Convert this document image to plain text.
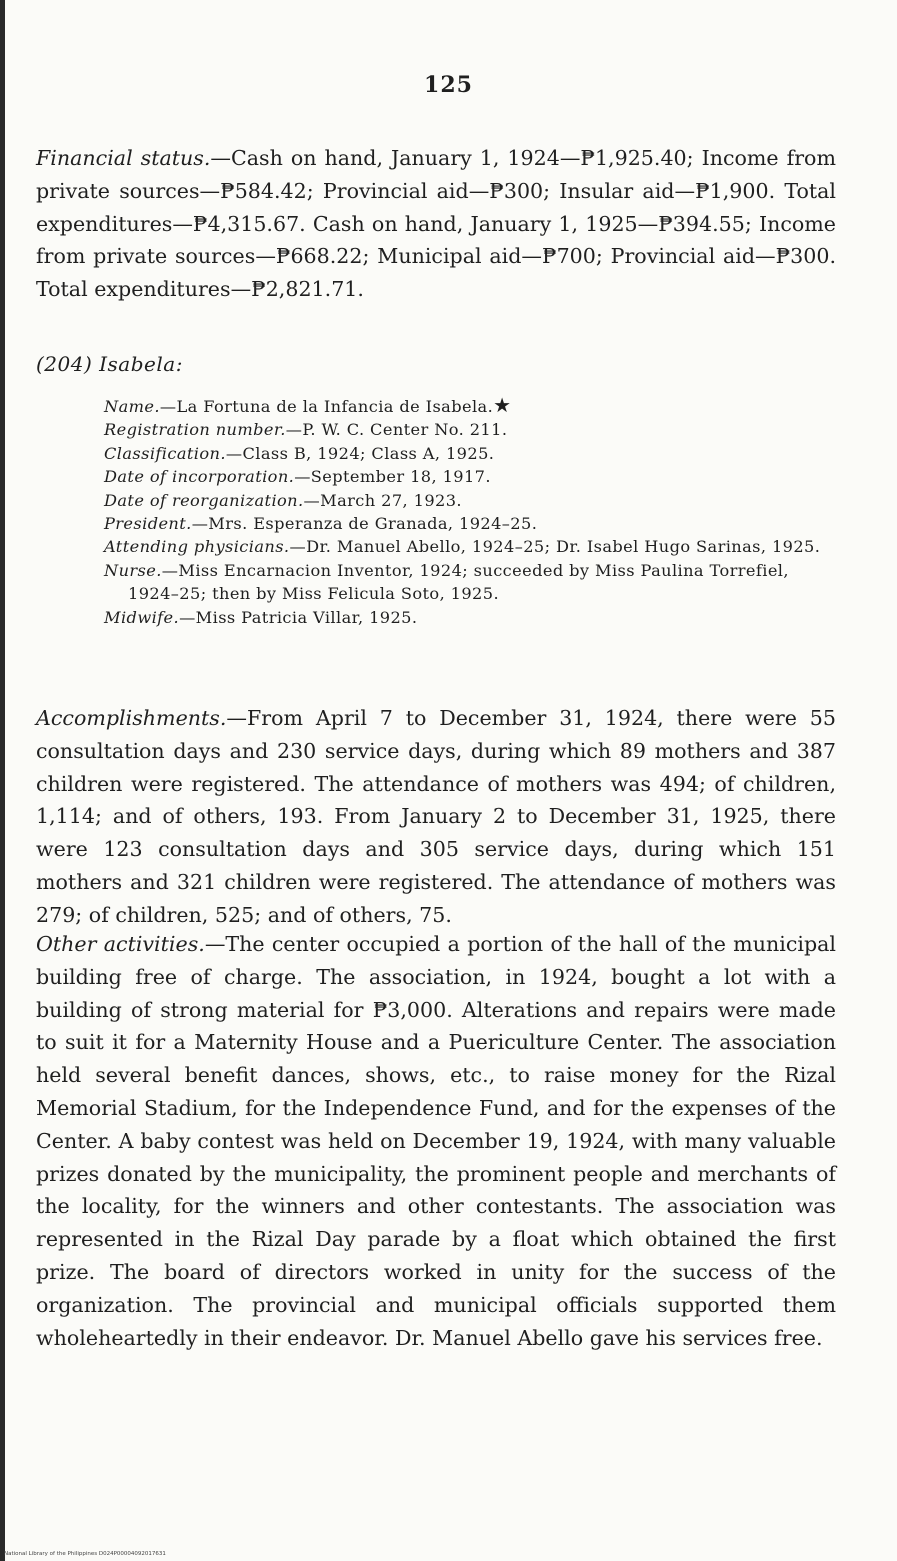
125

Financial status.—Cash on hand, January 1, 1924—₱1,925.40; Income from private sources—₱584.42; Provincial aid—₱300; Insular aid—₱1,900. Total expenditures—₱4,315.67. Cash on hand, January 1, 1925—₱394.55; Income from private sources—₱668.22; Municipal aid—₱700; Provincial aid—₱300. Total expenditures—₱2,821.71.

(204) Isabela:
Name.—La Fortuna de la Infancia de Isabela.★
Registration number.—P. W. C. Center No. 211.
Classification.—Class B, 1924; Class A, 1925.
Date of incorporation.—September 18, 1917.
Date of reorganization.—March 27, 1923.
President.—Mrs. Esperanza de Granada, 1924–25.
Attending physicians.—Dr. Manuel Abello, 1924–25; Dr. Isabel Hugo Sarinas, 1925.
Nurse.—Miss Encarnacion Inventor, 1924; succeeded by Miss Paulina Torrefiel, 1924–25; then by Miss Felicula Soto, 1925.
Midwife.—Miss Patricia Villar, 1925.

Accomplishments.—From April 7 to December 31, 1924, there were 55 consultation days and 230 service days, during which 89 mothers and 387 children were registered. The attendance of mothers was 494; of children, 1,114; and of others, 193. From January 2 to December 31, 1925, there were 123 consultation days and 305 service days, during which 151 mothers and 321 children were registered. The attendance of mothers was 279; of children, 525; and of others, 75.

Other activities.—The center occupied a portion of the hall of the municipal building free of charge. The association, in 1924, bought a lot with a building of strong material for ₱3,000. Alterations and repairs were made to suit it for a Maternity House and a Puericulture Center. The association held several benefit dances, shows, etc., to raise money for the Rizal Memorial Stadium, for the Independence Fund, and for the expenses of the Center. A baby contest was held on December 19, 1924, with many valuable prizes donated by the municipality, the prominent people and merchants of the locality, for the winners and other contestants. The association was represented in the Rizal Day parade by a float which obtained the first prize. The board of directors worked in unity for the success of the organization. The provincial and municipal officials supported them wholeheartedly in their endeavor. Dr. Manuel Abello gave his services free.

National Library of the Philippines D024P00004092017631
